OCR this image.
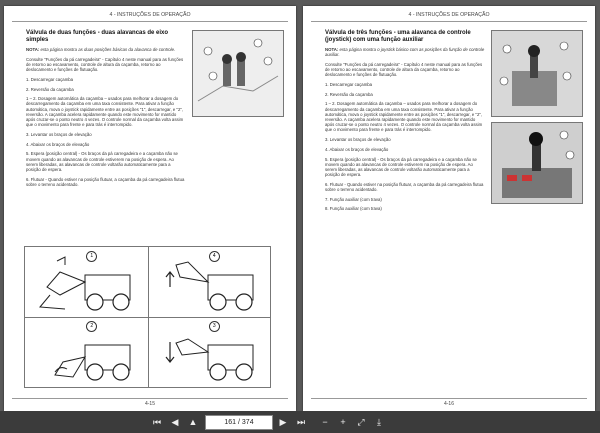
4 - INSTRUÇÕES DE OPERAÇÃO
Válvula de duas funções - duas alavancas de eixo simples

NOTA: esta página mostra as duas posições básicas da alavanca de controle.

Consulte "Funções da pá carregadeira" - Capítulo 4 neste manual para as funções de retorno ao escavamento, controle de altura da caçamba, retorno ao deslocamento e funções de flutuação.

1. Descarregar caçamba

2. Reversão da caçamba

1 – 2. Dosagem automática da caçamba – usados para melhorar a dosagem do descarregamento da caçamba em uma taxa consistente. Para ativar a função automática, mova o joystick rapidamente entre as posições "1", descarregar, e "2", reversão. A caçamba acelera rapidamente quando este movimento for mantido após cruzar-se o ponto neutro 4 vezes. O controle normal da caçamba volta assim que o movimento para frente e para trás é interrompido.

3. Levantar os braços de elevação

4. Abaixar os braços de elevação

5. Espera (posição central) - Os braços da pá carregadeira e a caçamba não se movem quando as alavancas de controle estiverem na posição de espera. Ao serem liberadas, as alavancas de controle voltarão automaticamente para a posição de espera.

6. Flutuar - Quando estiver na posição flutuar, a caçamba da pá carregadeira flutua sobre o terreno acidentado.

1	4
2	3
4-15
4 - INSTRUÇÕES DE OPERAÇÃO
Válvula de três funções - uma alavanca de controle (joystick) com uma função auxiliar

NOTA: esta página mostra o joystick básico com as posições da função de controle auxiliar.

Consulte "Funções da pá carregadeira" - Capítulo 4 neste manual para as funções de retorno ao escavamento, controle de altura da caçamba, retorno ao deslocamento e funções de flutuação.

1. Descarregar caçamba

2. Reversão da caçamba

1 – 2. Dosagem automática da caçamba – usados para melhorar a dosagem do descarregamento da caçamba em uma taxa consistente. Para ativar a função automática, mova o joystick rapidamente entre as posições "1", descarregar, e "2", reversão. A caçamba acelera rapidamente quando este movimento for mantido após cruzar-se o ponto neutro 4 vezes. O controle normal da caçamba volta assim que o movimento para frente e para trás é interrompido.

3. Levantar os braços de elevação

4. Abaixar os braços de elevação

5. Espera (posição central) - Os braços da pá carregadeira e a caçamba não se movem quando as alavancas de controle estiverem na posição de espera. Ao serem liberadas, as alavancas de controle voltarão automaticamente para a posição de espera.

6. Flutuar - Quando estiver na posição flutuar, a caçamba da pá carregadeira flutua sobre o terreno acidentado.

7. Função auxiliar (com trava)

8. Função auxiliar (com trava)

4-16
⏮	◀	▲	161 / 374	▶	⏭	−	+	⤢	⤓
